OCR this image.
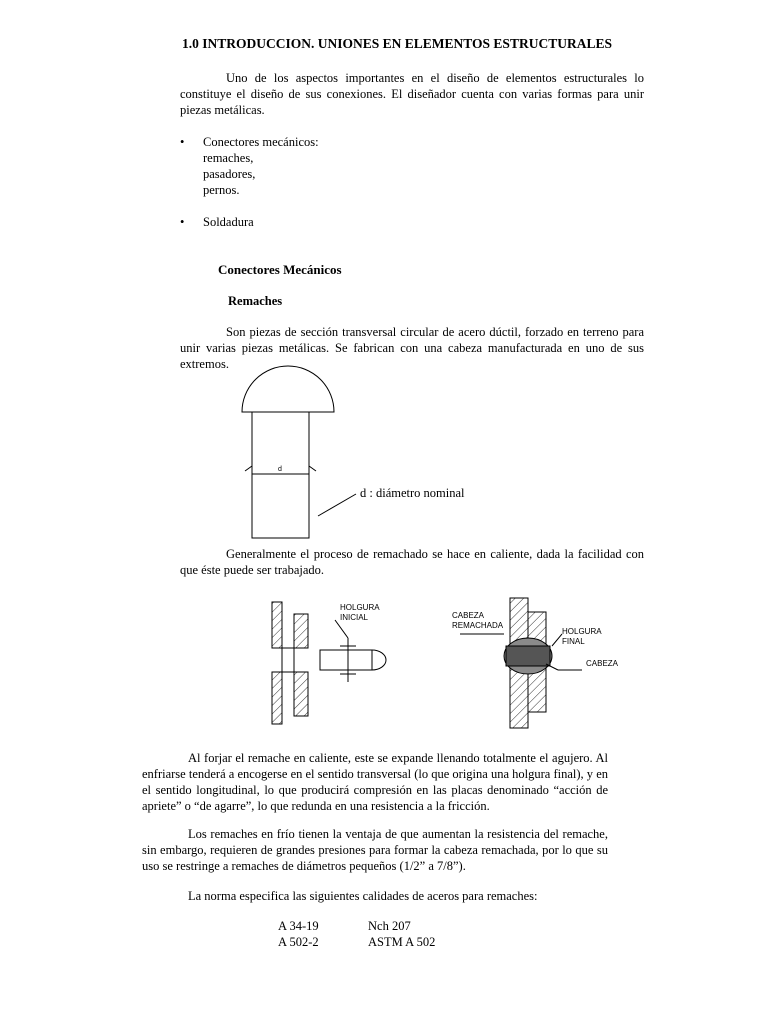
1.0 INTRODUCCION. UNIONES EN ELEMENTOS ESTRUCTURALES
Uno de los aspectos importantes en el diseño de elementos estructurales lo constituye el diseño de sus conexiones. El diseñador cuenta con varias formas para unir piezas metálicas.
•	Conectores mecánicos:
remaches,
pasadores,
pernos.
•	Soldadura
Conectores Mecánicos
Remaches
Son piezas de sección transversal circular de acero dúctil, forzado en terreno para unir varias piezas metálicas. Se fabrican con una cabeza manufacturada en uno de sus extremos.
d
d : diámetro nominal
Generalmente el proceso de remachado se hace en caliente, dada la facilidad con que éste puede ser trabajado.
HOLGURA
INICIAL	CABEZA
REMACHADA
HOLGURA
FINAL
CABEZA
Al forjar el remache en caliente, este se expande llenando totalmente el agujero. Al enfriarse tenderá a encogerse en el sentido transversal (lo que origina una holgura final), y en el sentido longitudinal, lo que producirá compresión en las placas denominado “acción de apriete” o “de agarre”, lo que redunda en una resistencia a la fricción.
Los remaches en frío tienen la ventaja de que aumentan la resistencia del remache, sin embargo, requieren de grandes presiones para formar la cabeza remachada, por lo que su uso se restringe a remaches de diámetros pequeños (1/2” a 7/8”).
La norma especifica las siguientes calidades de aceros para remaches:
A 34-19	Nch 207
A 502-2	ASTM A 502
